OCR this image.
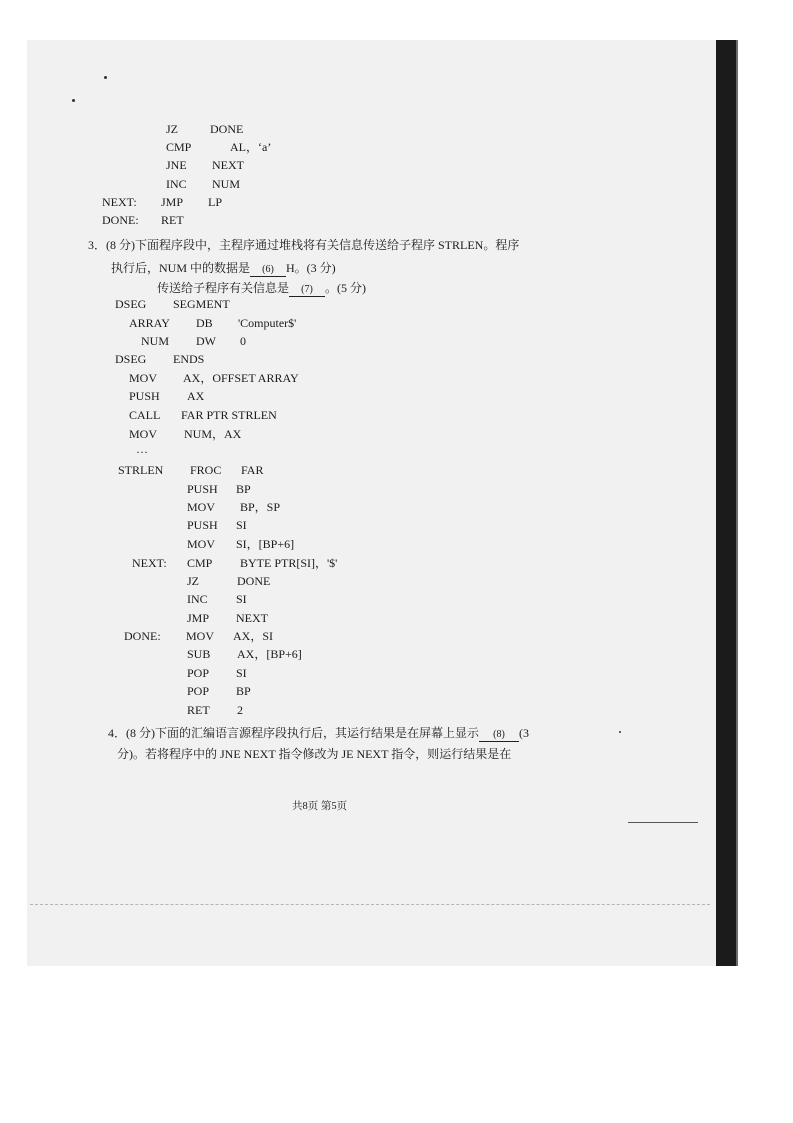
JZ	DONE
CMP	AL，‘a’
JNE NEXT
INC NUM
NEXT: JMP LP
DONE: RET
3．(8 分)下面程序段中，主程序通过堆栈将有关信息传送给子程序 STRLEN。程序
执行后，NUM 中的数据是 (6) H。(3 分)
传送给子程序有关信息是 (7) 。(5 分)
DSEG SEGMENT
ARRAY DB 'Computer$'
NUM DW 0
DSEG ENDS
MOV AX，OFFSET ARRAY
PUSH AX
CALL FAR PTR STRLEN
MOV NUM，AX
…
STRLEN FROC FAR
PUSH BP
MOV BP，SP
PUSH SI
MOV SI，[BP+6]
NEXT: CMP BYTE PTR[SI]，'$'
JZ	DONE
INC SI
JMP NEXT
DONE: MOV AX，SI
SUB AX，[BP+6]
POP SI
POP BP
RET 2
4．(8 分)下面的汇编语言源程序段执行后，其运行结果是在屏幕上显示 (8) (3
分)。若将程序中的 JNE NEXT 指令修改为 JE NEXT 指令，则运行结果是在
共8页 第5页
